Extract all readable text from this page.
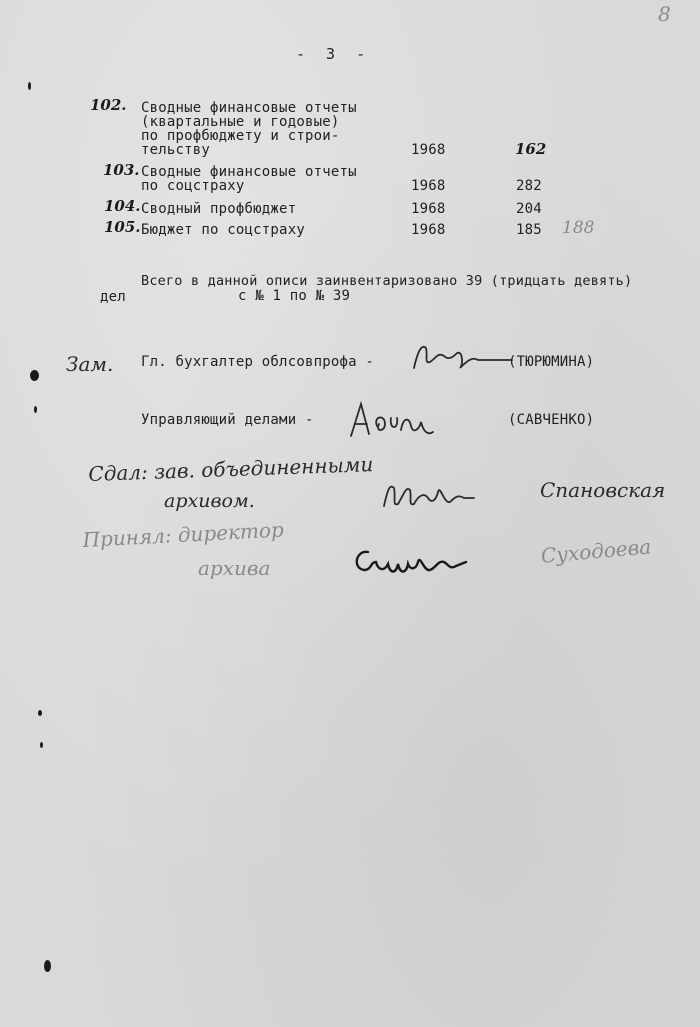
8
- 3 -
102. Сводные финансовые отчеты
(квартальные и годовые)
по профбюджету и строи-
тельству	1968	162
103. Сводные финансовые отчеты
по соцстраху	1968	282
104. Сводный профбюджет	1968	204
105. Бюджет по соцстраху	1968	185 188
Всего в данной описи заинвентаризовано 39 (тридцать девять)
дел	с № 1 по № 39
Зам. Гл. бухгалтер облсовпрофа -	(ТЮРЮМИНА)
Управляющий делами -	(САВЧЕНКО)
Сдал: зав. объединенными
архивом.	Спановская
Принял: директор
архива
Суходоева
